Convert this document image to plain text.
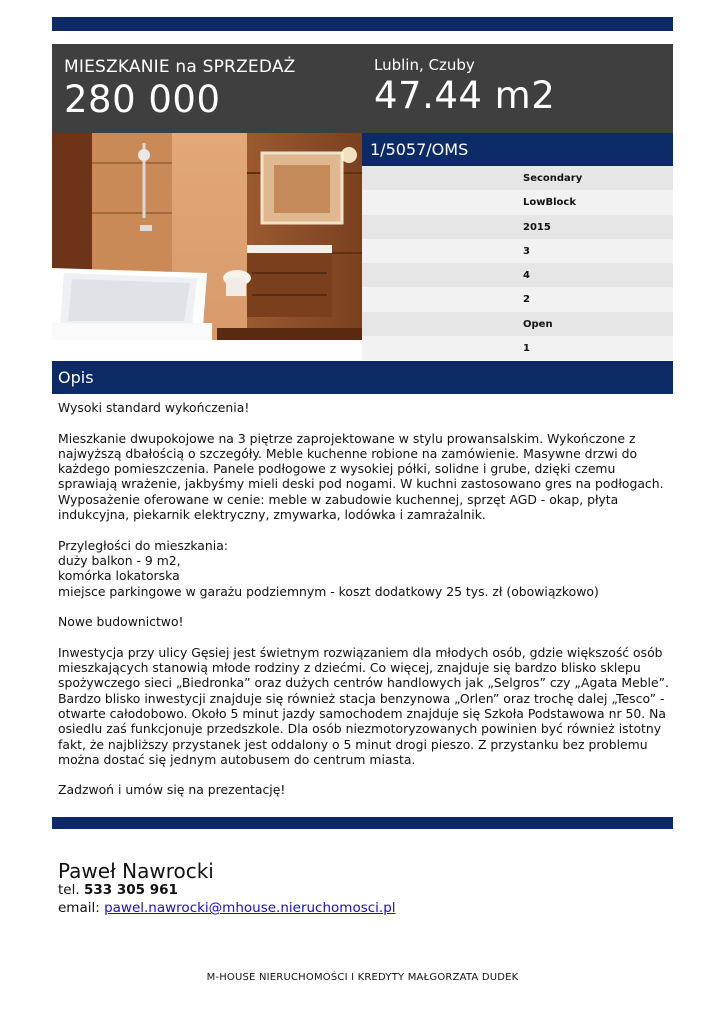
MIESZKANIE na SPRZEDAŻ
280 000
Lublin, Czuby
47.44 m2
1/5057/OMS
Secondary
LowBlock
2015
3
4
2
Open
1
Opis

Wysoki standard wykończenia!

Mieszkanie dwupokojowe na 3 piętrze zaprojektowane w stylu prowansalskim. Wykończone z

najwyższą dbałością o szczegóły. Meble kuchenne robione na zamówienie. Masywne drzwi do

każdego pomieszczenia. Panele podłogowe z wysokiej półki, solidne i grube, dzięki czemu

sprawiają wrażenie, jakbyśmy mieli deski pod nogami. W kuchni zastosowano gres na podłogach.

Wyposażenie oferowane w cenie: meble w zabudowie kuchennej, sprzęt AGD - okap, płyta

indukcyjna, piekarnik elektryczny, zmywarka, lodówka i zamrażalnik.

Przyległości do mieszkania:

duży balkon - 9 m2,

komórka lokatorska

miejsce parkingowe w garażu podziemnym - koszt dodatkowy 25 tys. zł (obowiązkowo)

Nowe budownictwo!

Inwestycja przy ulicy Gęsiej jest świetnym rozwiązaniem dla młodych osób, gdzie większość osób

mieszkających stanowią młode rodziny z dziećmi. Co więcej, znajduje się bardzo blisko sklepu

spożywczego sieci „Biedronka” oraz dużych centrów handlowych jak „Selgros” czy „Agata Meble”.

Bardzo blisko inwestycji znajduje się również stacja benzynowa „Orlen” oraz trochę dalej „Tesco” -

otwarte całodobowo. Około 5 minut jazdy samochodem znajduje się Szkoła Podstawowa nr 50. Na

osiedlu zaś funkcjonuje przedszkole. Dla osób niezmotoryzowanych powinien być również istotny

fakt, że najbliższy przystanek jest oddalony o 5 minut drogi pieszo. Z przystanku bez problemu

można dostać się jednym autobusem do centrum miasta.

Zadzwoń i umów się na prezentację!

Paweł Nawrocki
tel. 533 305 961
email: pawel.nawrocki@mhouse.nieruchomosci.pl
M-HOUSE NIERUCHOMOŚCI I KREDYTY MAŁGORZATA DUDEK
